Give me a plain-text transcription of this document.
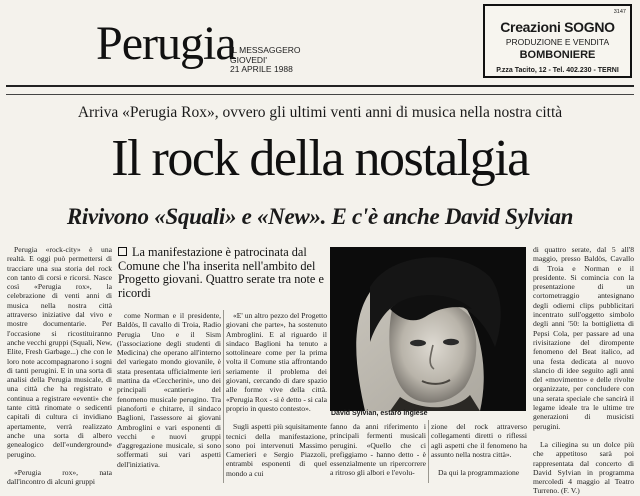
Perugia
IL MESSAGGERO
GIOVEDI'
21 APRILE 1988
3147
Creazioni SOGNO
PRODUZIONE E VENDITA
BOMBONIERE
P.zza Tacito, 12 - Tel. 402.230 - TERNI
Arriva «Perugia Rox», ovvero gli ultimi venti anni di musica nella nostra città
Il rock della nostalgia
Rivivono «Squali» e «New». E c'è anche David Sylvian

Perugia «rock-city» è una realtà. E oggi può permettersi di tracciare una sua storia del rock con tanto di corsi e ricorsi. Nasce così «Perugia rox», la celebrazione di venti anni di musica nella nostra città attraverso iniziative dal vivo e mostre documentarie. Per l'occasione si ricostituiranno anche vecchi gruppi (Squali, New, Elite, Fresh Garbage...) che con le loro note accompagnarono i sogni di tanti perugini. E in una sorta di analisi della Perugia musicale, di una città che ha registrato e continua a registrare «eventi» che tante città rinomate o sedicenti capitali di cultura ci invidiano apertamente, verrà realizzato anche una sorta di albero genealogico dell'«underground» perugino.

«Perugia rox», nata dall'incontro di alcuni gruppi

La manifestazione è patrocinata dal Comune che l'ha inserita nell'ambito del Progetto giovani. Quattro serate tra note e ricordi

come Norman e il presidente, Baldòs, Il cavallo di Troia, Radio Perugia Uno e il Sism (l'associazione degli studenti di Medicina) che operano all'interno del variegato mondo giovanile, è stata presentata ufficialmente ieri mattina da «Ceccherini», uno dei principali «cantieri» del fenomeno musicale perugino. Tra pianoforti e chitarre, il sindaco Baglioni, l'assessore ai giovani Ambroglini e vari esponenti di vecchi e nuovi gruppi d'aggregazione musicale, si sono soffermati sui vari aspetti dell'iniziativa.

«E' un altro pezzo del Progetto giovani che parte», ha sostenuto Ambroglini. E al riguardo il sindaco Baglioni ha tenuto a sottolineare come per la prima volta il Comune stia affrontando seriamente il problema dei giovani, cercando di dare spazio alle forme vive della città. «Perugia Rox - si è detto - si cala proprio in questo contesto».

Sugli aspetti più squisitamente tecnici della manifestazione, sono poi intervenuti Massimo Camerieri e Sergio Piazzoli, entrambi esponenti di quel mondo a cui

David Sylvian, estaro inglese

fanno da anni riferimento i principali fermenti musicali perugini. «Quello che ci prefiggiamo - hanno detto - è essenzialmente un ripercorrere a ritroso gli albori e l'evolu-

zione del rock attraverso collegamenti diretti o riflessi agli aspetti che il fenomeno ha assunto nella nostra città».

Da qui la programmazione

di quattro serate, dal 5 all'8 maggio, presso Baldòs, Cavallo di Troia e Norman e il presidente. Si comincia con la presentazione di un cortometraggio antesignano degli odierni clips pubblicitari incentrato sull'oggetto simbolo degli anni '50: la bottiglietta di Pepsi Cola, per passare ad una rivisitazione del dirompente fenomeno del Beat italico, ad una festa dedicata al nuovo slancio di idee seguito agli anni del «movimento» e delle rivolte organizzate, per concludere con una serata speciale che sancirà il legame ideale tra le ultime tre generazioni di musicisti perugini.

La ciliegina su un dolce più che appetitoso sarà poi rappresentata dal concerto di David Sylvian in programma mercoledì 4 maggio al Teatro Turreno. (F. V.)
